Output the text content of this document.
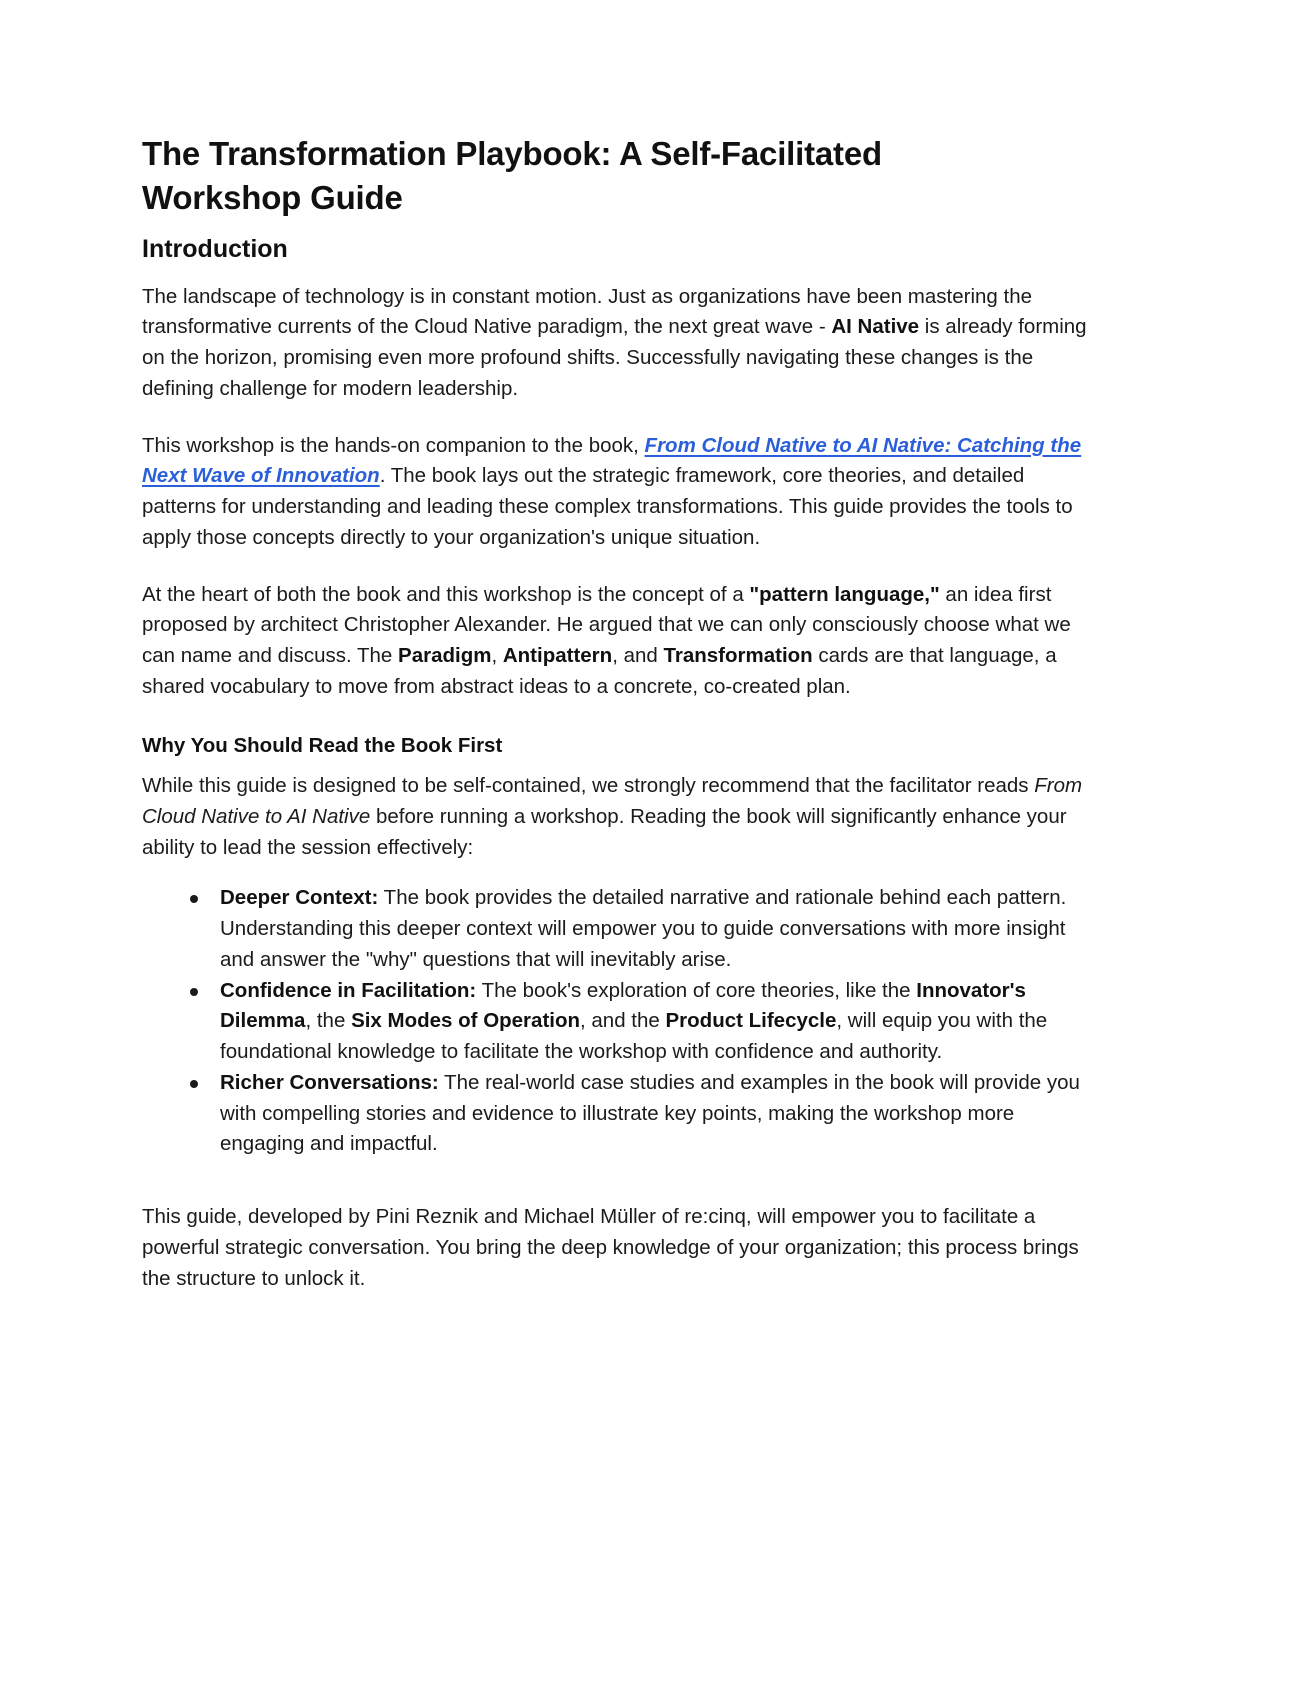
The Transformation Playbook: A Self-Facilitated Workshop Guide
Introduction

The landscape of technology is in constant motion. Just as organizations have been mastering the transformative currents of the Cloud Native paradigm, the next great wave - AI Native is already forming on the horizon, promising even more profound shifts. Successfully navigating these changes is the defining challenge for modern leadership.

This workshop is the hands-on companion to the book, From Cloud Native to AI Native: Catching the Next Wave of Innovation. The book lays out the strategic framework, core theories, and detailed patterns for understanding and leading these complex transformations. This guide provides the tools to apply those concepts directly to your organization's unique situation.

At the heart of both the book and this workshop is the concept of a "pattern language," an idea first proposed by architect Christopher Alexander. He argued that we can only consciously choose what we can name and discuss. The Paradigm, Antipattern, and Transformation cards are that language, a shared vocabulary to move from abstract ideas to a concrete, co-created plan.

Why You Should Read the Book First

While this guide is designed to be self-contained, we strongly recommend that the facilitator reads From Cloud Native to AI Native before running a workshop. Reading the book will significantly enhance your ability to lead the session effectively:

Deeper Context: The book provides the detailed narrative and rationale behind each pattern. Understanding this deeper context will empower you to guide conversations with more insight and answer the "why" questions that will inevitably arise.
Confidence in Facilitation: The book's exploration of core theories, like the Innovator's Dilemma, the Six Modes of Operation, and the Product Lifecycle, will equip you with the foundational knowledge to facilitate the workshop with confidence and authority.
Richer Conversations: The real-world case studies and examples in the book will provide you with compelling stories and evidence to illustrate key points, making the workshop more engaging and impactful.

This guide, developed by Pini Reznik and Michael Müller of re:cinq, will empower you to facilitate a powerful strategic conversation. You bring the deep knowledge of your organization; this process brings the structure to unlock it.
